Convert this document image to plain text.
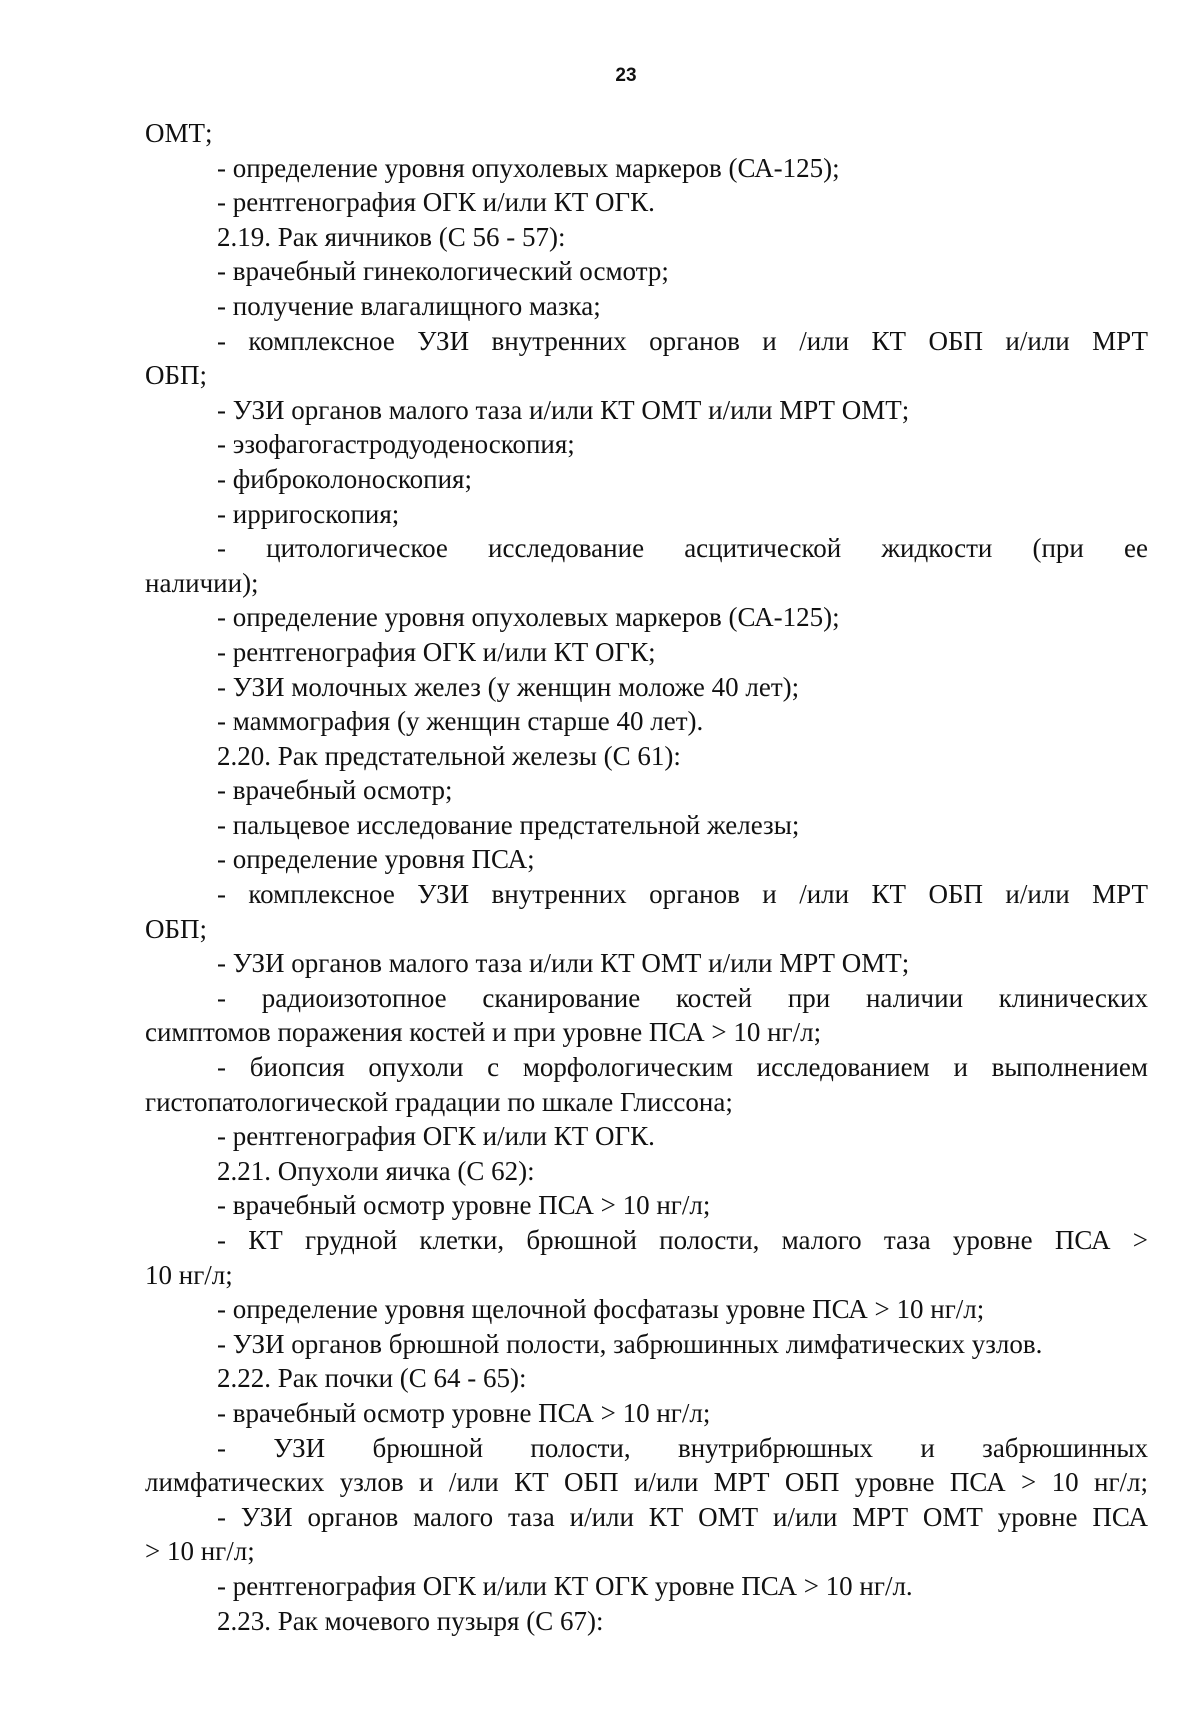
23
ОМТ;
- определение уровня опухолевых маркеров (СА-125);
- рентгенография ОГК и/или КТ ОГК.
2.19. Рак яичников (С 56 - 57):
- врачебный гинекологический осмотр;
- получение влагалищного мазка;
- комплексное УЗИ внутренних органов и /или КТ ОБП и/или МРТ
ОБП;
- УЗИ органов малого таза и/или КТ ОМТ и/или МРТ ОМТ;
- эзофагогастродуоденоскопия;
- фиброколоноскопия;
- ирригоскопия;
- цитологическое исследование асцитической жидкости (при ее
наличии);
- определение уровня опухолевых маркеров (СА-125);
- рентгенография ОГК и/или КТ ОГК;
- УЗИ молочных желез (у женщин моложе 40 лет);
- маммография (у женщин старше 40 лет).
2.20. Рак предстательной железы (С 61):
- врачебный осмотр;
- пальцевое исследование предстательной железы;
- определение уровня ПСА;
- комплексное УЗИ внутренних органов и /или КТ ОБП и/или МРТ
ОБП;
- УЗИ органов малого таза и/или КТ ОМТ и/или МРТ ОМТ;
- радиоизотопное сканирование костей при наличии клинических
симптомов поражения костей и при уровне ПСА > 10 нг/л;
- биопсия опухоли с морфологическим исследованием и выполнением
гистопатологической градации по шкале Глиссона;
- рентгенография ОГК и/или КТ ОГК.
2.21. Опухоли яичка (С 62):
- врачебный осмотр уровне ПСА > 10 нг/л;
- КТ грудной клетки, брюшной полости, малого таза уровне ПСА >
10 нг/л;
- определение уровня щелочной фосфатазы уровне ПСА > 10 нг/л;
- УЗИ органов брюшной полости, забрюшинных лимфатических узлов.
2.22. Рак почки (С 64 - 65):
- врачебный осмотр уровне ПСА > 10 нг/л;
- УЗИ брюшной полости, внутрибрюшных и забрюшинных
лимфатических узлов и /или КТ ОБП и/или МРТ ОБП уровне ПСА > 10 нг/л;
- УЗИ органов малого таза и/или КТ ОМТ и/или МРТ ОМТ уровне ПСА
> 10 нг/л;
- рентгенография ОГК и/или КТ ОГК уровне ПСА > 10 нг/л.
2.23. Рак мочевого пузыря (С 67):
